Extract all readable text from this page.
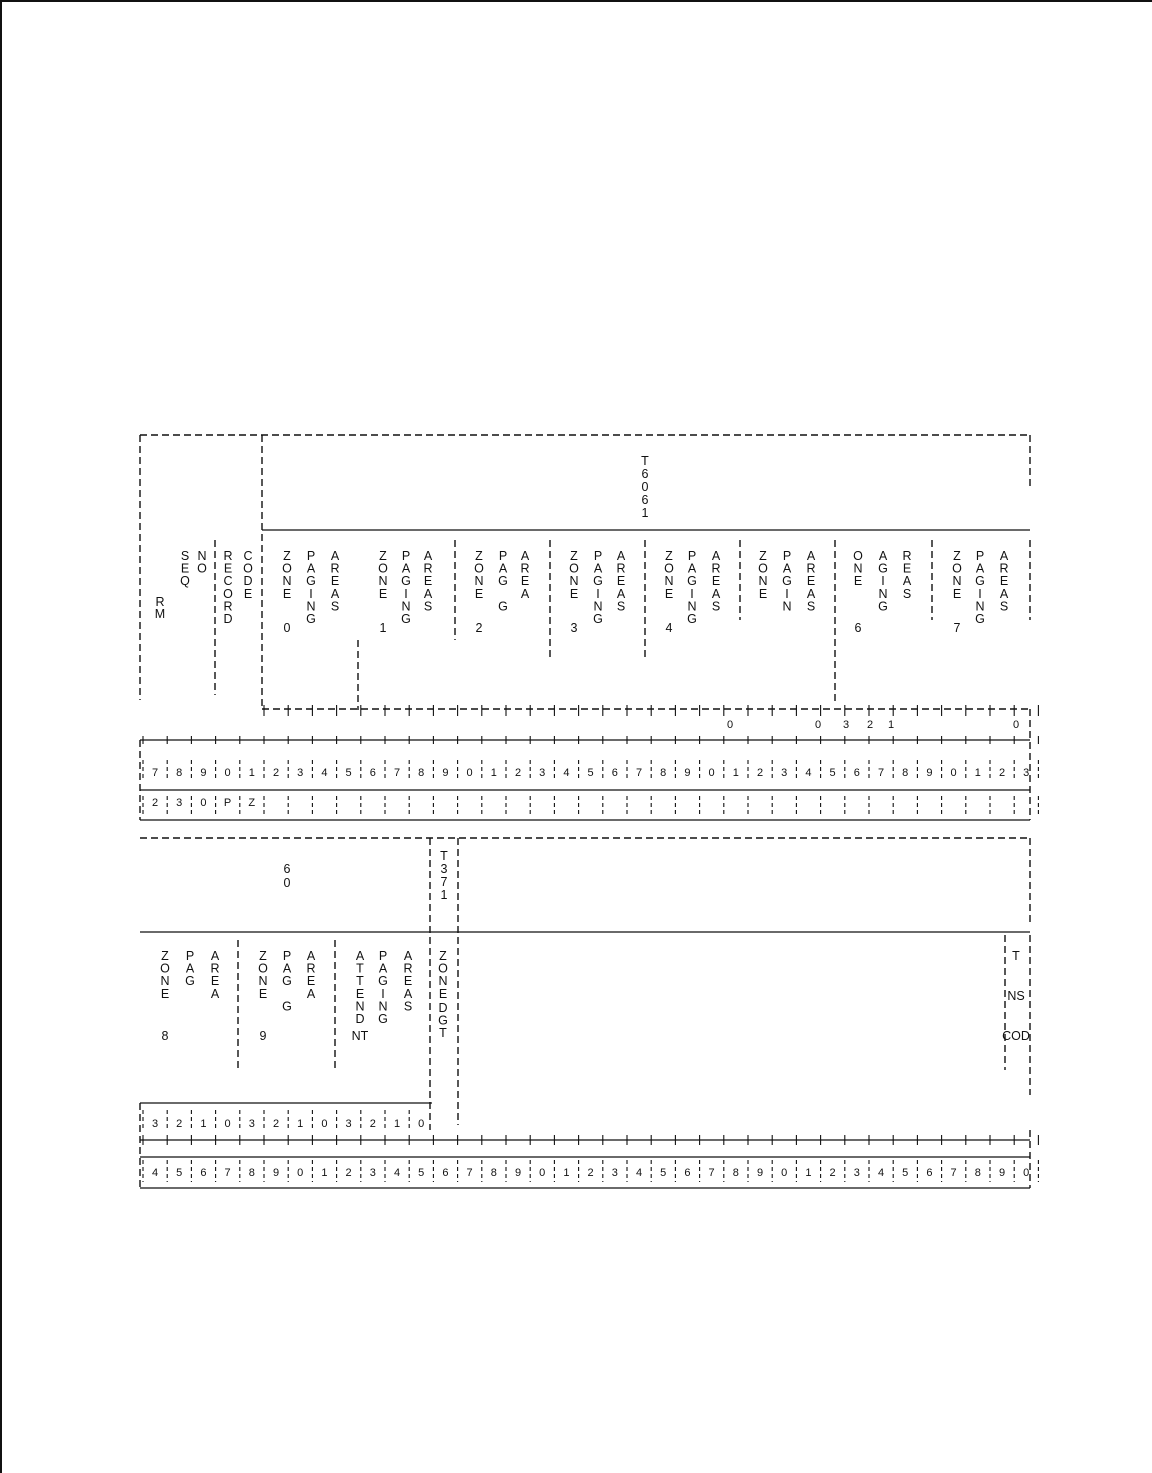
7 8 9 0 1 2 3 4 5 6 7 8 9 0 1 2 3 4 5 6 7 8 9 0 1 2 3 4 5 6 7 8 9 0 1 2 3
2 3 0 P Z
0	0 3 2 1	0
R
M
S
E
Q
N
O
R
E
C
O
R
D
C
O
D
E
Z
O
N
E
0
P
A
G
I
N
G
A
R
E
A
S
Z
O
N
E
1
P
A
G
I
N
G
A
R
E
A
S
Z
O
N
E
2
P
A
G
G
A
R
E
A
Z
O
N
E
3
P
A
G
I
N
G
A
R
E
A
S
Z
O
N
E
4
P
A
G
I
N
G
A
R
E
A
S
Z
O
N
E
P
A
G
I
N
A
R
E
A
S
O
N
E
6
A
G
I
N
G
R
E
A
S
Z
O
N
E
7
P
A
G
I
N
G
A
R
E
A
S
3 2 1 0 3 2 1 0 3 2 1 0
4 5 6 7 8 9 0 1 2 3 4 5 6 7 8 9 0 1 2 3 4 5 6 7 8 9 0 1 2 3 4 5 6 7 8 9 0
Z
O
N
E
8
P
A
G
A
R
E
A
Z
O
N
E
9
P
A
G
G
A
R
E
A
A
T
T
E
N
D
NT
P
A
G
I
N
G
A
R
E
A
S
Z
O
N
E
D
G
T
T
NS
COD
T
6
0
6
1
6
0
T
3
7
1
